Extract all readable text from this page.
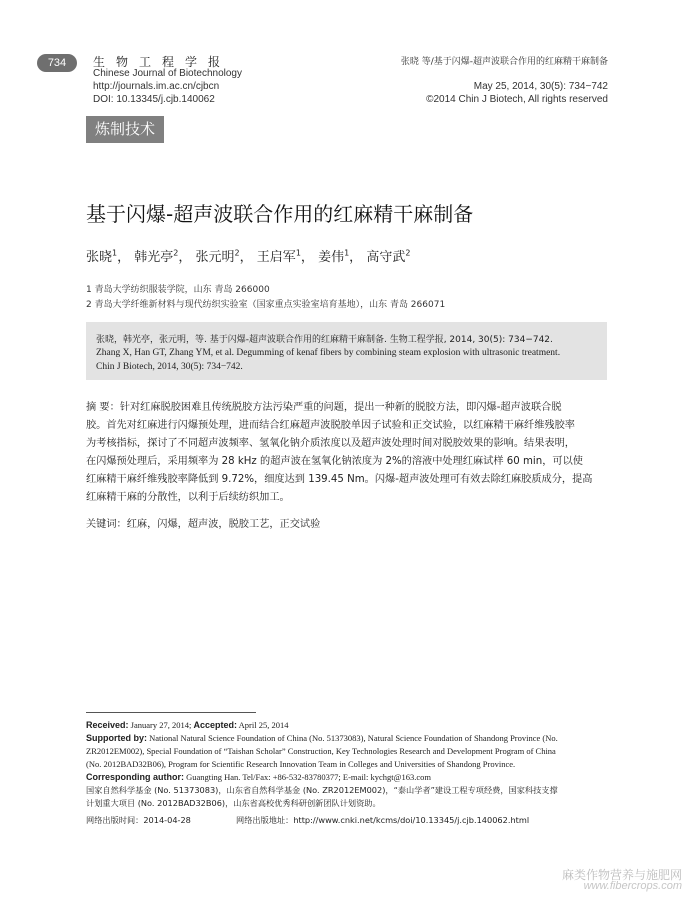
734	生物工程学报
Chinese Journal of Biotechnology
http://journals.im.ac.cn/cjbcn
DOI: 10.13345/j.cjb.140062
张晓 等/基于闪爆-超声波联合作用的红麻精干麻制备
May 25, 2014, 30(5): 734−742
©2014 Chin J Biotech, All rights reserved
炼制技术
基于闪爆-超声波联合作用的红麻精干麻制备
张晓$^1$， 韩光亭$^2$， 张元明$^2$， 王启军$^1$， 姜伟$^1$， 高守武$^2$
1 青岛大学纺织服装学院，山东 青岛 266000
2 青岛大学纤维新材料与现代纺织实验室（国家重点实验室培育基地），山东 青岛 266071
张晓，韩光亭，张元明，等. 基于闪爆-超声波联合作用的红麻精干麻制备. 生物工程学报, 2014, 30(5): 734−742.
Zhang X, Han GT, Zhang YM, et al. Degumming of kenaf fibers by combining steam explosion with ultrasonic treatment.
Chin J Biotech, 2014, 30(5): 734−742.
摘 要：针对红麻脱胶困难且传统脱胶方法污染严重的问题，提出一种新的脱胶方法，即闪爆-超声波联合脱
胶。首先对红麻进行闪爆预处理，进而结合红麻超声波脱胶单因子试验和正交试验，以红麻精干麻纤维残胶率
为考核指标，探讨了不同超声波频率、氢氧化钠介质浓度以及超声波处理时间对脱胶效果的影响。结果表明，
在闪爆预处理后，采用频率为 28 kHz 的超声波在氢氧化钠浓度为 2%的溶液中处理红麻试样 60 min，可以使
红麻精干麻纤维残胶率降低到 9.72%，细度达到 139.45 Nm。闪爆-超声波处理可有效去除红麻胶质成分，提高
红麻精干麻的分散性，以利于后续纺织加工。
关键词：红麻，闪爆，超声波，脱胶工艺，正交试验
Received: January 27, 2014; Accepted: April 25, 2014
Supported by: National Natural Science Foundation of China (No. 51373083), Natural Science Foundation of Shandong Province (No.
ZR2012EM002), Special Foundation of “Taishan Scholar” Construction, Key Technologies Research and Development Program of China
(No. 2012BAD32B06), Program for Scientific Research Innovation Team in Colleges and Universities of Shandong Province.
Corresponding author: Guangting Han. Tel/Fax: +86-532-83780377; E-mail: kychgt@163.com
国家自然科学基金 (No. 51373083)，山东省自然科学基金 (No. ZR2012EM002)，“泰山学者”建设工程专项经费，国家科技支撑
计划重大项目 (No. 2012BAD32B06)，山东省高校优秀科研创新团队计划资助。
网络出版时间：2014-04-28	网络出版地址：http://www.cnki.net/kcms/doi/10.13345/j.cjb.140062.html
麻类作物营养与施肥网
www.fibercrops.com
